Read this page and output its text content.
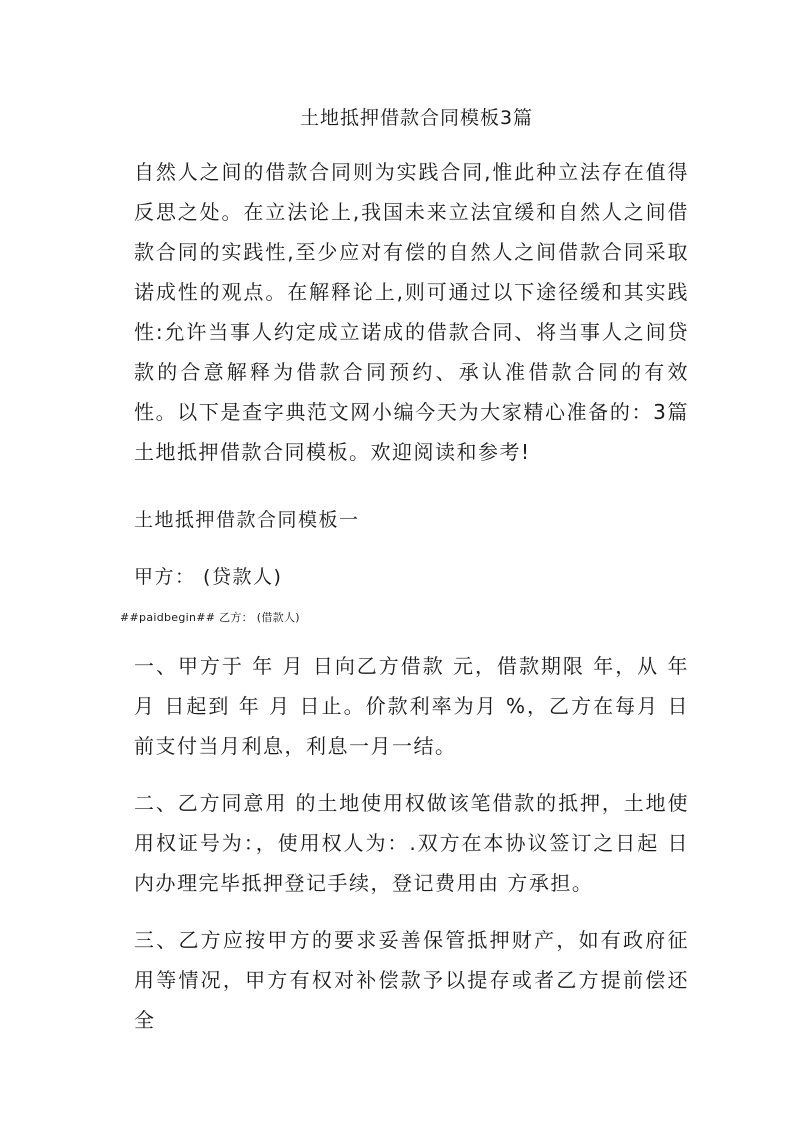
土地抵押借款合同模板3篇

自然人之间的借款合同则为实践合同,惟此种立法存在值得反思之处。在立法论上,我国未来立法宜缓和自然人之间借款合同的实践性,至少应对有偿的自然人之间借款合同采取诺成性的观点。在解释论上,则可通过以下途径缓和其实践性:允许当事人约定成立诺成的借款合同、将当事人之间贷款的合意解释为借款合同预约、承认准借款合同的有效性。以下是查字典范文网小编今天为大家精心准备的：3篇土地抵押借款合同模板。欢迎阅读和参考!

土地抵押借款合同模板一

甲方： (贷款人)

##paidbegin## 乙方： (借款人)

一、甲方于 年 月 日向乙方借款 元，借款期限 年，从 年 月 日起到 年 月 日止。价款利率为月 %，乙方在每月 日前支付当月利息，利息一月一结。

二、乙方同意用 的土地使用权做该笔借款的抵押，土地使用权证号为：，使用权人为：.双方在本协议签订之日起 日内办理完毕抵押登记手续，登记费用由 方承担。

三、乙方应按甲方的要求妥善保管抵押财产，如有政府征用等情况，甲方有权对补偿款予以提存或者乙方提前偿还全
